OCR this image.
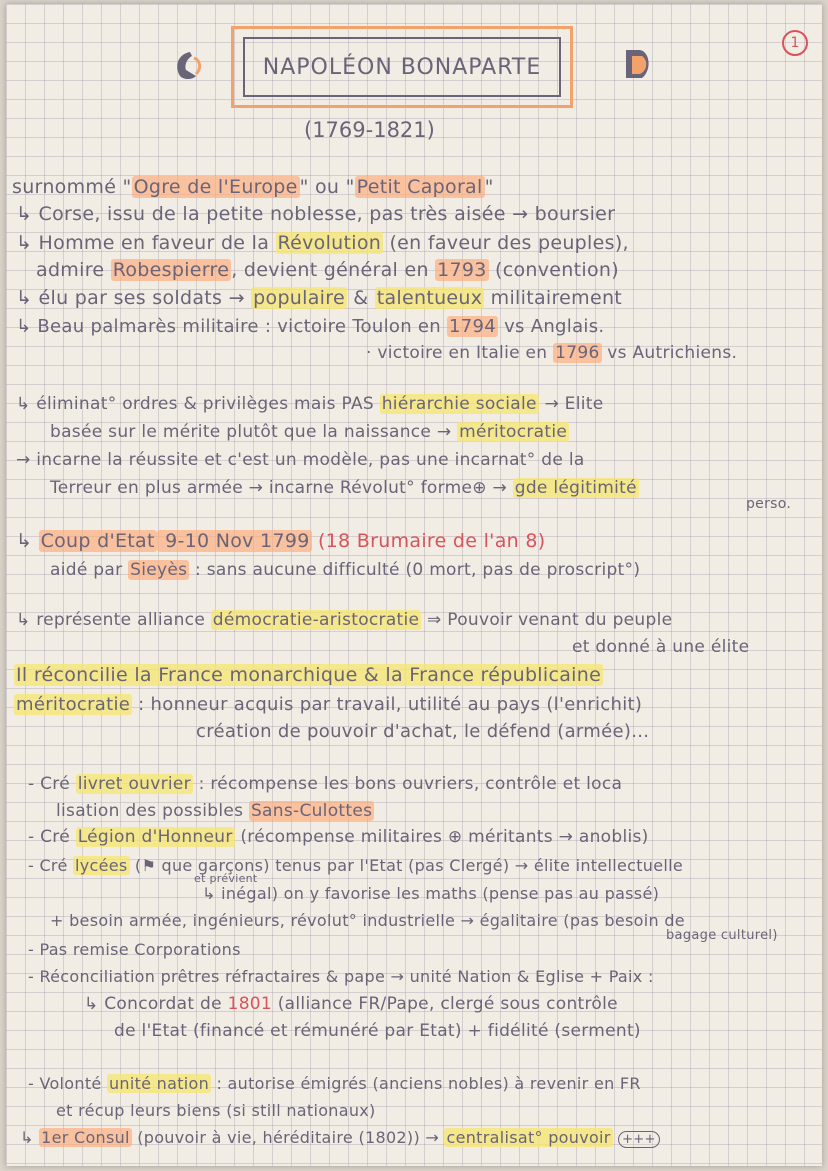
NAPOLÉON BONAPARTE
(1769-1821)
1
surnommé " Ogre de l'Europe " ou " Petit Caporal "
↳ Corse, issu de la petite noblesse, pas très aisée → boursier
↳ Homme en faveur de la Révolution (en faveur des peuples),
admire Robespierre , devient général en 1793 (convention)
↳ élu par ses soldats → populaire & talentueux militairement
↳ Beau palmarès militaire : victoire Toulon en 1794 vs Anglais.
· victoire en Italie en 1796 vs Autrichiens.
↳ éliminat° ordres & privilèges mais PAS hiérarchie sociale → Elite
basée sur le mérite plutôt que la naissance → méritocratie
→ incarne la réussite et c'est un modèle, pas une incarnat° de la
Terreur en plus armée → incarne Révolut° forme⊕ → gde légitimité
perso.
↳ Coup d'Etat 9-10 Nov 1799 (18 Brumaire de l'an 8)
aidé par Sieyès : sans aucune difficulté (0 mort, pas de proscript°)
↳ représente alliance démocratie-aristocratie ⇒ Pouvoir venant du peuple
et donné à une élite
Il réconcilie la France monarchique & la France républicaine
méritocratie : honneur acquis par travail, utilité au pays (l'enrichit)
création de pouvoir d'achat, le défend (armée)...
- Cré livret ouvrier : récompense les bons ouvriers, contrôle et loca
lisation des possibles Sans-Culottes
- Cré Légion d'Honneur (récompense militaires ⊕ méritants → anoblis)
- Cré lycées (⚑ que garçons) tenus par l'Etat (pas Clergé) → élite intellectuelle
et prévient
↳ inégal) on y favorise les maths (pense pas au passé)
+ besoin armée, ingénieurs, révolut° industrielle → égalitaire (pas besoin de
bagage culturel)
- Pas remise Corporations
- Réconciliation prêtres réfractaires & pape → unité Nation & Eglise + Paix :
↳ Concordat de 1801 (alliance FR/Pape, clergé sous contrôle
de l'Etat (financé et rémunéré par Etat) + fidélité (serment)
- Volonté unité nation : autorise émigrés (anciens nobles) à revenir en FR
et récup leurs biens (si still nationaux)
↳ 1er Consul (pouvoir à vie, héréditaire (1802)) → centralisat° pouvoir +++
